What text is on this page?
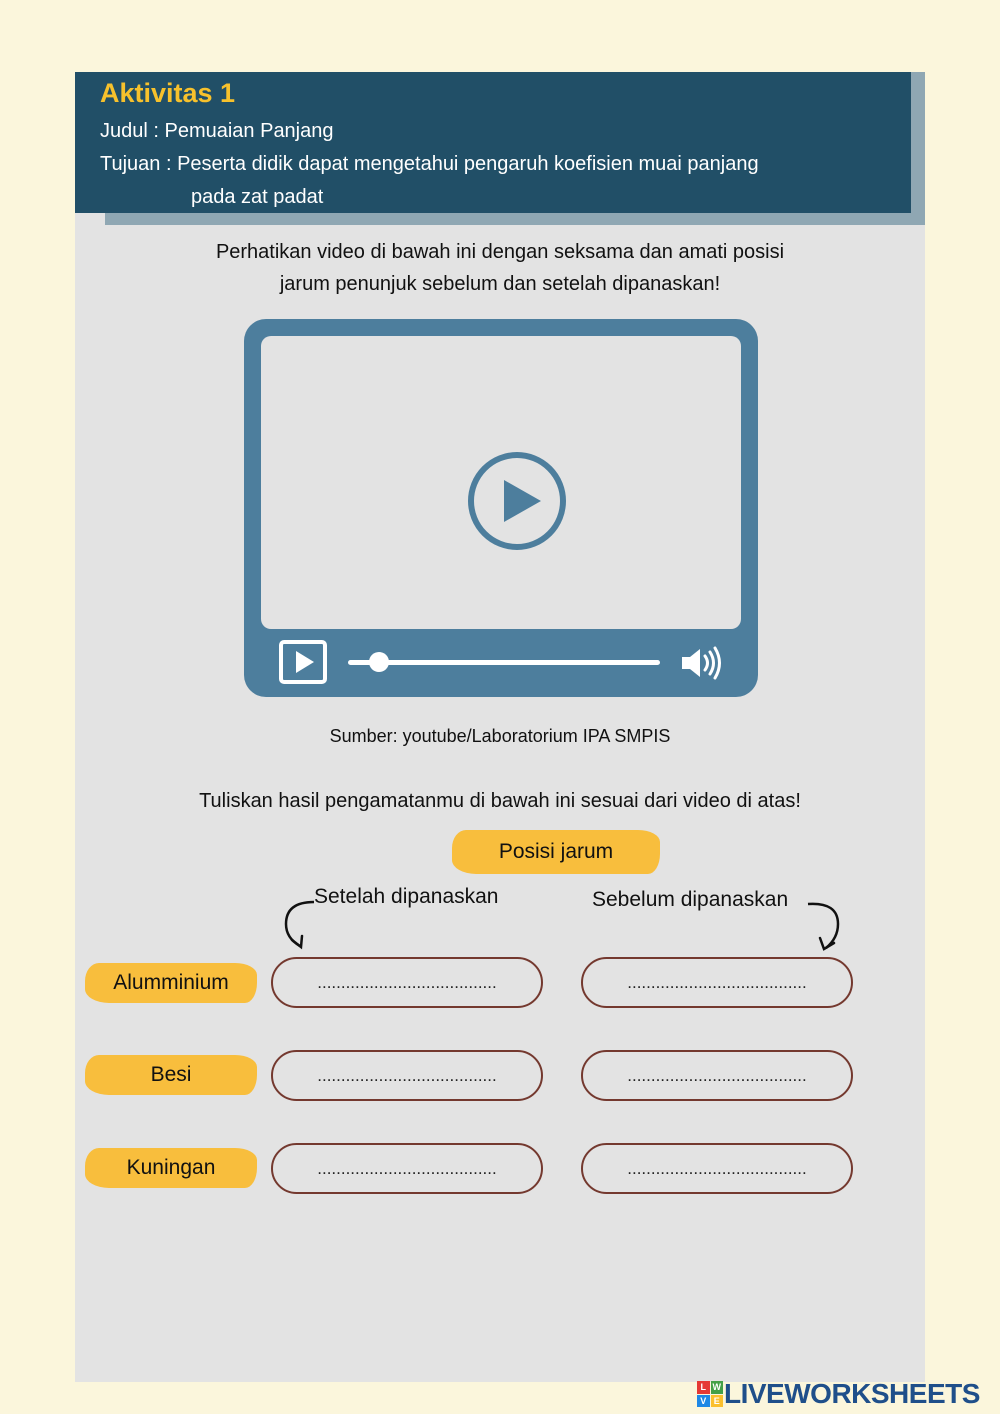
Aktivitas 1
Judul : Pemuaian Panjang
Tujuan : Peserta didik dapat mengetahui pengaruh koefisien muai panjang
pada zat padat
Perhatikan video di bawah ini dengan seksama dan amati posisi
jarum penunjuk sebelum dan setelah dipanaskan!
Sumber: youtube/Laboratorium IPA SMPIS
Tuliskan hasil pengamatanmu di bawah ini sesuai dari video di atas!
Posisi jarum
Setelah dipanaskan	Sebelum dipanaskan
Alumminium	......................................	......................................
Besi	......................................	......................................
Kuningan	......................................	......................................
L W
V E LIVEWORKSHEETS
